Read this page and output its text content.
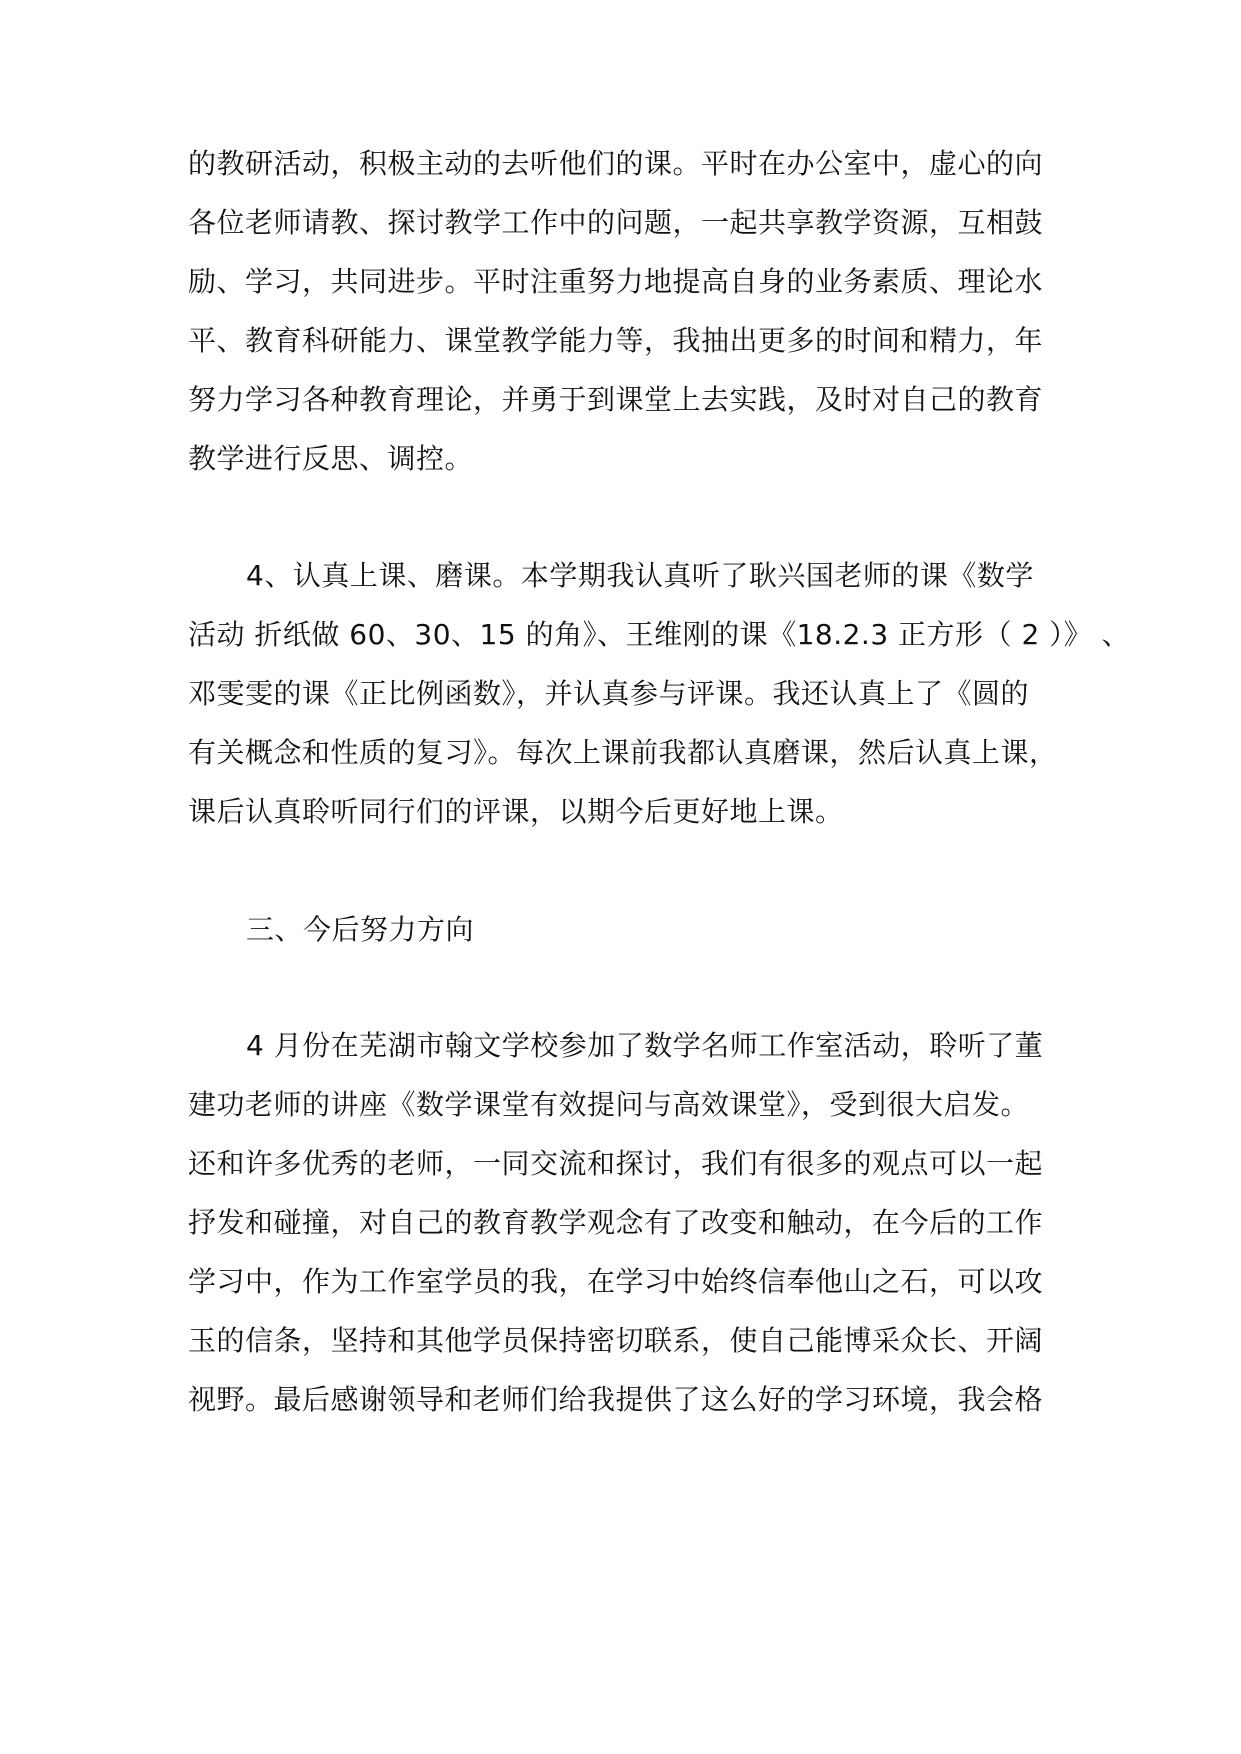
的教研活动，积极主动的去听他们的课。平时在办公室中，虚心的向
各位老师请教、探讨教学工作中的问题，一起共享教学资源，互相鼓
励、学习，共同进步。平时注重努力地提高自身的业务素质、理论水
平、教育科研能力、课堂教学能力等，我抽出更多的时间和精力，年
努力学习各种教育理论，并勇于到课堂上去实践，及时对自己的教育
教学进行反思、调控。
4、认真上课、磨课。本学期我认真听了耿兴国老师的课《数学
活动 折纸做 60、30、15 的角》、王维刚的课《18.2.3 正方形（ 2 ）》 、
邓雯雯的课《正比例函数》，并认真参与评课。我还认真上了《圆的
有关概念和性质的复习》。每次上课前我都认真磨课，然后认真上课，
课后认真聆听同行们的评课，以期今后更好地上课。
三、今后努力方向
4 月份在芜湖市翰文学校参加了数学名师工作室活动，聆听了董
建功老师的讲座《数学课堂有效提问与高效课堂》，受到很大启发。
还和许多优秀的老师，一同交流和探讨，我们有很多的观点可以一起
抒发和碰撞，对自己的教育教学观念有了改变和触动，在今后的工作
学习中，作为工作室学员的我，在学习中始终信奉他山之石，可以攻
玉的信条，坚持和其他学员保持密切联系，使自己能博采众长、开阔
视野。最后感谢领导和老师们给我提供了这么好的学习环境，我会格
